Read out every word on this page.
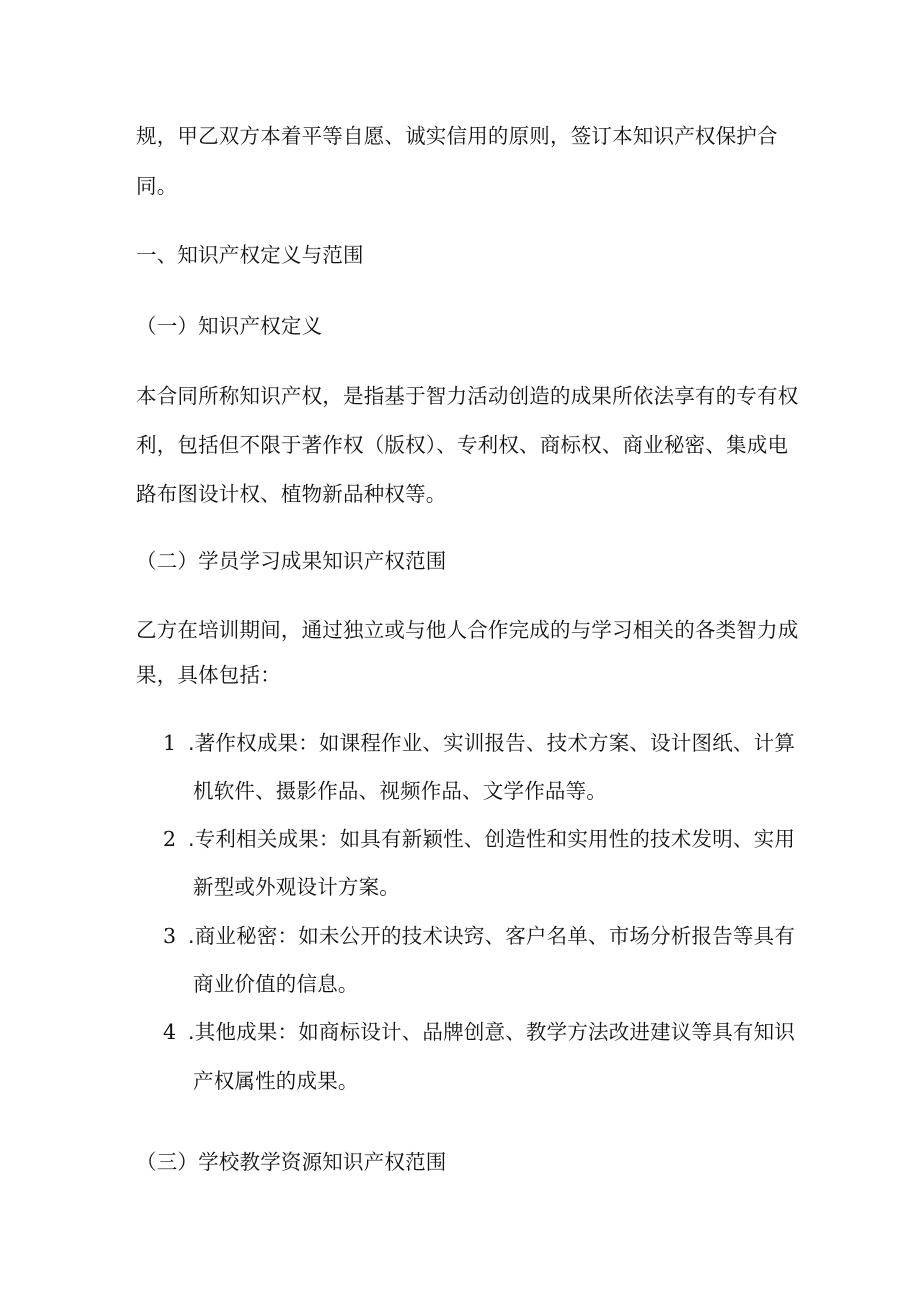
规，甲乙双方本着平等自愿、诚实信用的原则，签订本知识产权保护合
同。
一、知识产权定义与范围
（一）知识产权定义
本合同所称知识产权，是指基于智力活动创造的成果所依法享有的专有权
利，包括但不限于著作权（版权）、专利权、商标权、商业秘密、集成电
路布图设计权、植物新品种权等。
（二）学员学习成果知识产权范围
乙方在培训期间，通过独立或与他人合作完成的与学习相关的各类智力成
果，具体包括：
1 .著作权成果：如课程作业、实训报告、技术方案、设计图纸、计算
机软件、摄影作品、视频作品、文学作品等。
2 .专利相关成果：如具有新颖性、创造性和实用性的技术发明、实用
新型或外观设计方案。
3 .商业秘密：如未公开的技术诀窍、客户名单、市场分析报告等具有
商业价值的信息。
4 .其他成果：如商标设计、品牌创意、教学方法改进建议等具有知识
产权属性的成果。
（三）学校教学资源知识产权范围
